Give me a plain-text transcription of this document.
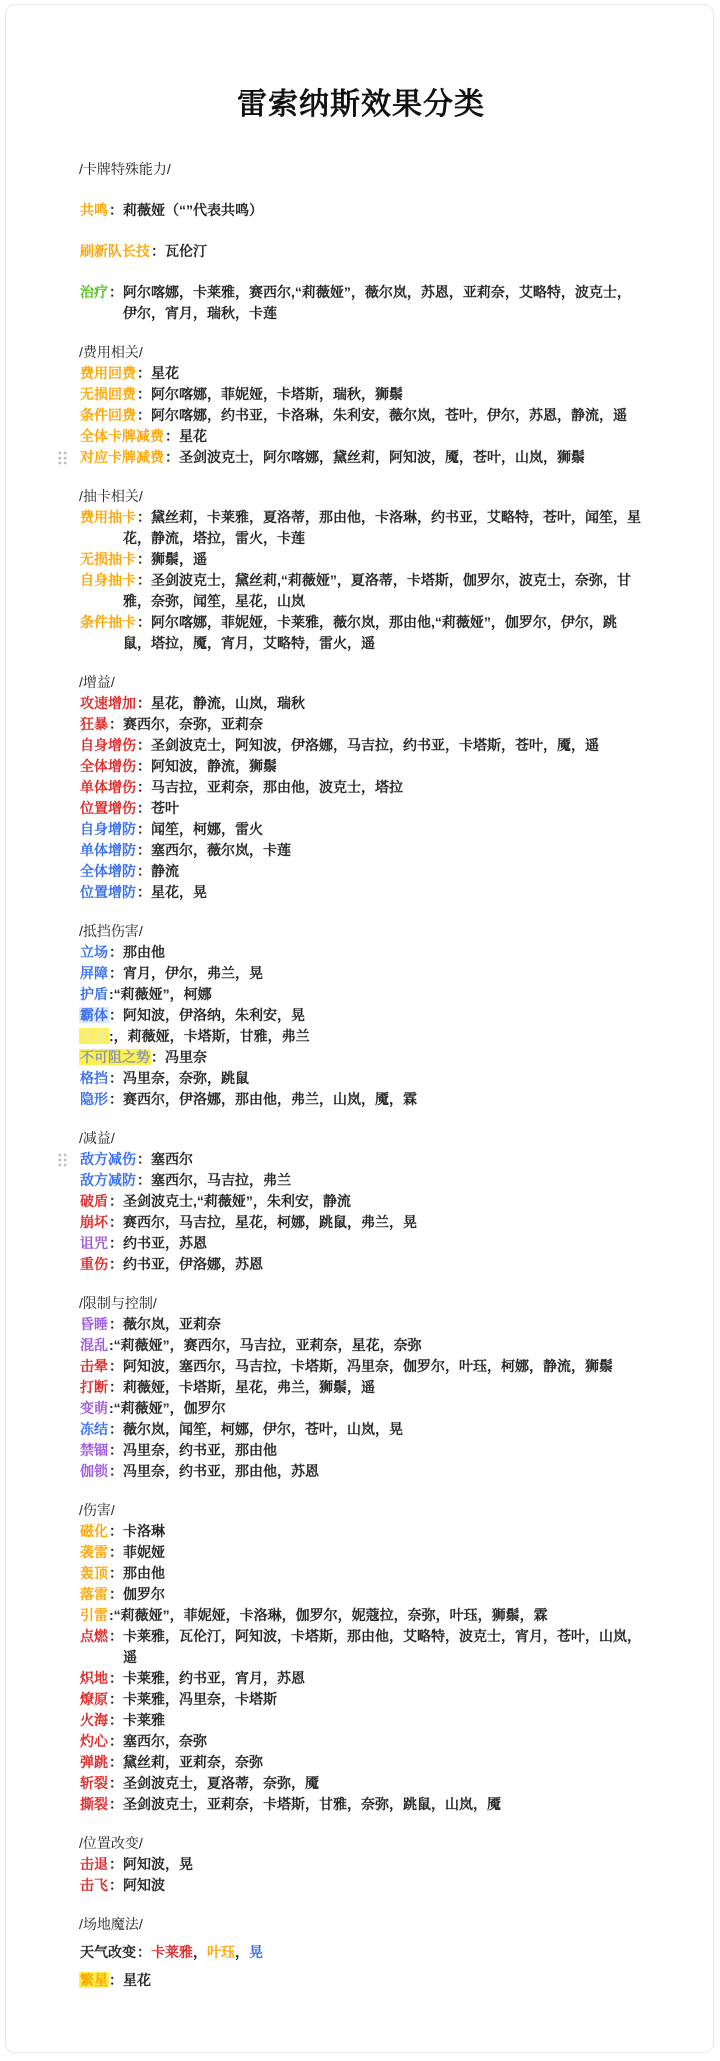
雷索纳斯效果分类
/卡牌特殊能力/
共鸣：莉薇娅（“”代表共鸣）
刷新队长技：瓦伦汀
治疗：阿尔喀娜，卡莱雅，赛西尔,“莉薇娅”，薇尔岚，苏恩，亚莉奈，艾略特，波克士，伊尔，宵月，瑞秋，卡莲
/费用相关/
费用回费：星花
无损回费：阿尔喀娜，菲妮娅，卡塔斯，瑞秋，狮鬃
条件回费：阿尔喀娜，约书亚，卡洛琳，朱利安，薇尔岚，苍叶，伊尔，苏恩，静流，遥
全体卡牌减费：星花
对应卡牌减费：圣剑波克士，阿尔喀娜，黛丝莉，阿知波，魇，苍叶，山岚，狮鬃
/抽卡相关/
费用抽卡：黛丝莉，卡莱雅，夏洛蒂，那由他，卡洛琳，约书亚，艾略特，苍叶，闻笙，星花，静流，塔拉，雷火，卡莲
无损抽卡：狮鬃，遥
自身抽卡：圣剑波克士，黛丝莉,“莉薇娅”，夏洛蒂，卡塔斯，伽罗尔，波克士，奈弥，甘雅，奈弥，闻笙，星花，山岚
条件抽卡：阿尔喀娜，菲妮娅，卡莱雅，薇尔岚，那由他,“莉薇娅”，伽罗尔，伊尔，跳鼠，塔拉，魇，宵月，艾略特，雷火，遥
/增益/
攻速增加：星花，静流，山岚，瑞秋
狂暴：赛西尔，奈弥，亚莉奈
自身增伤：圣剑波克士，阿知波，伊洛娜，马吉拉，约书亚，卡塔斯，苍叶，魇，遥
全体增伤：阿知波，静流，狮鬃
单体增伤：马吉拉，亚莉奈，那由他，波克士，塔拉
位置增伤：苍叶
自身增防：闻笙，柯娜，雷火
单体增防：塞西尔，薇尔岚，卡莲
全体增防：静流
位置增防：星花，晃
/抵挡伤害/
立场：那由他
屏障：宵月，伊尔，弗兰，晃
护盾:“莉薇娅”，柯娜
霸体：阿知波，伊洛纳，朱利安，晃
无敌:，莉薇娅，卡塔斯，甘雅，弗兰
不可阻之势：冯里奈
格挡：冯里奈，奈弥，跳鼠
隐形：赛西尔，伊洛娜，那由他，弗兰，山岚，魇，霖
/减益/
敌方减伤：塞西尔
敌方减防：塞西尔，马吉拉，弗兰
破盾：圣剑波克士,“莉薇娅”，朱利安，静流
崩坏：赛西尔，马吉拉，星花，柯娜，跳鼠，弗兰，晃
诅咒：约书亚，苏恩
重伤：约书亚，伊洛娜，苏恩
/限制与控制/
昏睡：薇尔岚，亚莉奈
混乱:“莉薇娅”，赛西尔，马吉拉，亚莉奈，星花，奈弥
击晕：阿知波，塞西尔，马吉拉，卡塔斯，冯里奈，伽罗尔，叶珏，柯娜，静流，狮鬃
打断：莉薇娅，卡塔斯，星花，弗兰，狮鬃，遥
变萌:“莉薇娅”，伽罗尔
冻结：薇尔岚，闻笙，柯娜，伊尔，苍叶，山岚，晃
禁锢：冯里奈，约书亚，那由他
伽锁：冯里奈，约书亚，那由他，苏恩
/伤害/
磁化：卡洛琳
袭雷：菲妮娅
轰顶：那由他
落雷：伽罗尔
引雷:“莉薇娅”，菲妮娅，卡洛琳，伽罗尔，妮蔻拉，奈弥，叶珏，狮鬃，霖
点燃：卡莱雅，瓦伦汀，阿知波，卡塔斯，那由他，艾略特，波克士，宵月，苍叶，山岚，遥
炽地：卡莱雅，约书亚，宵月，苏恩
燎原：卡莱雅，冯里奈，卡塔斯
火海：卡莱雅
灼心：塞西尔，奈弥
弹跳：黛丝莉，亚莉奈，奈弥
斩裂：圣剑波克士，夏洛蒂，奈弥，魇
撕裂：圣剑波克士，亚莉奈，卡塔斯，甘雅，奈弥，跳鼠，山岚，魇
/位置改变/
击退：阿知波，晃
击飞：阿知波
/场地魔法/
天气改变：卡莱雅，叶珏，晃
繁星：星花
